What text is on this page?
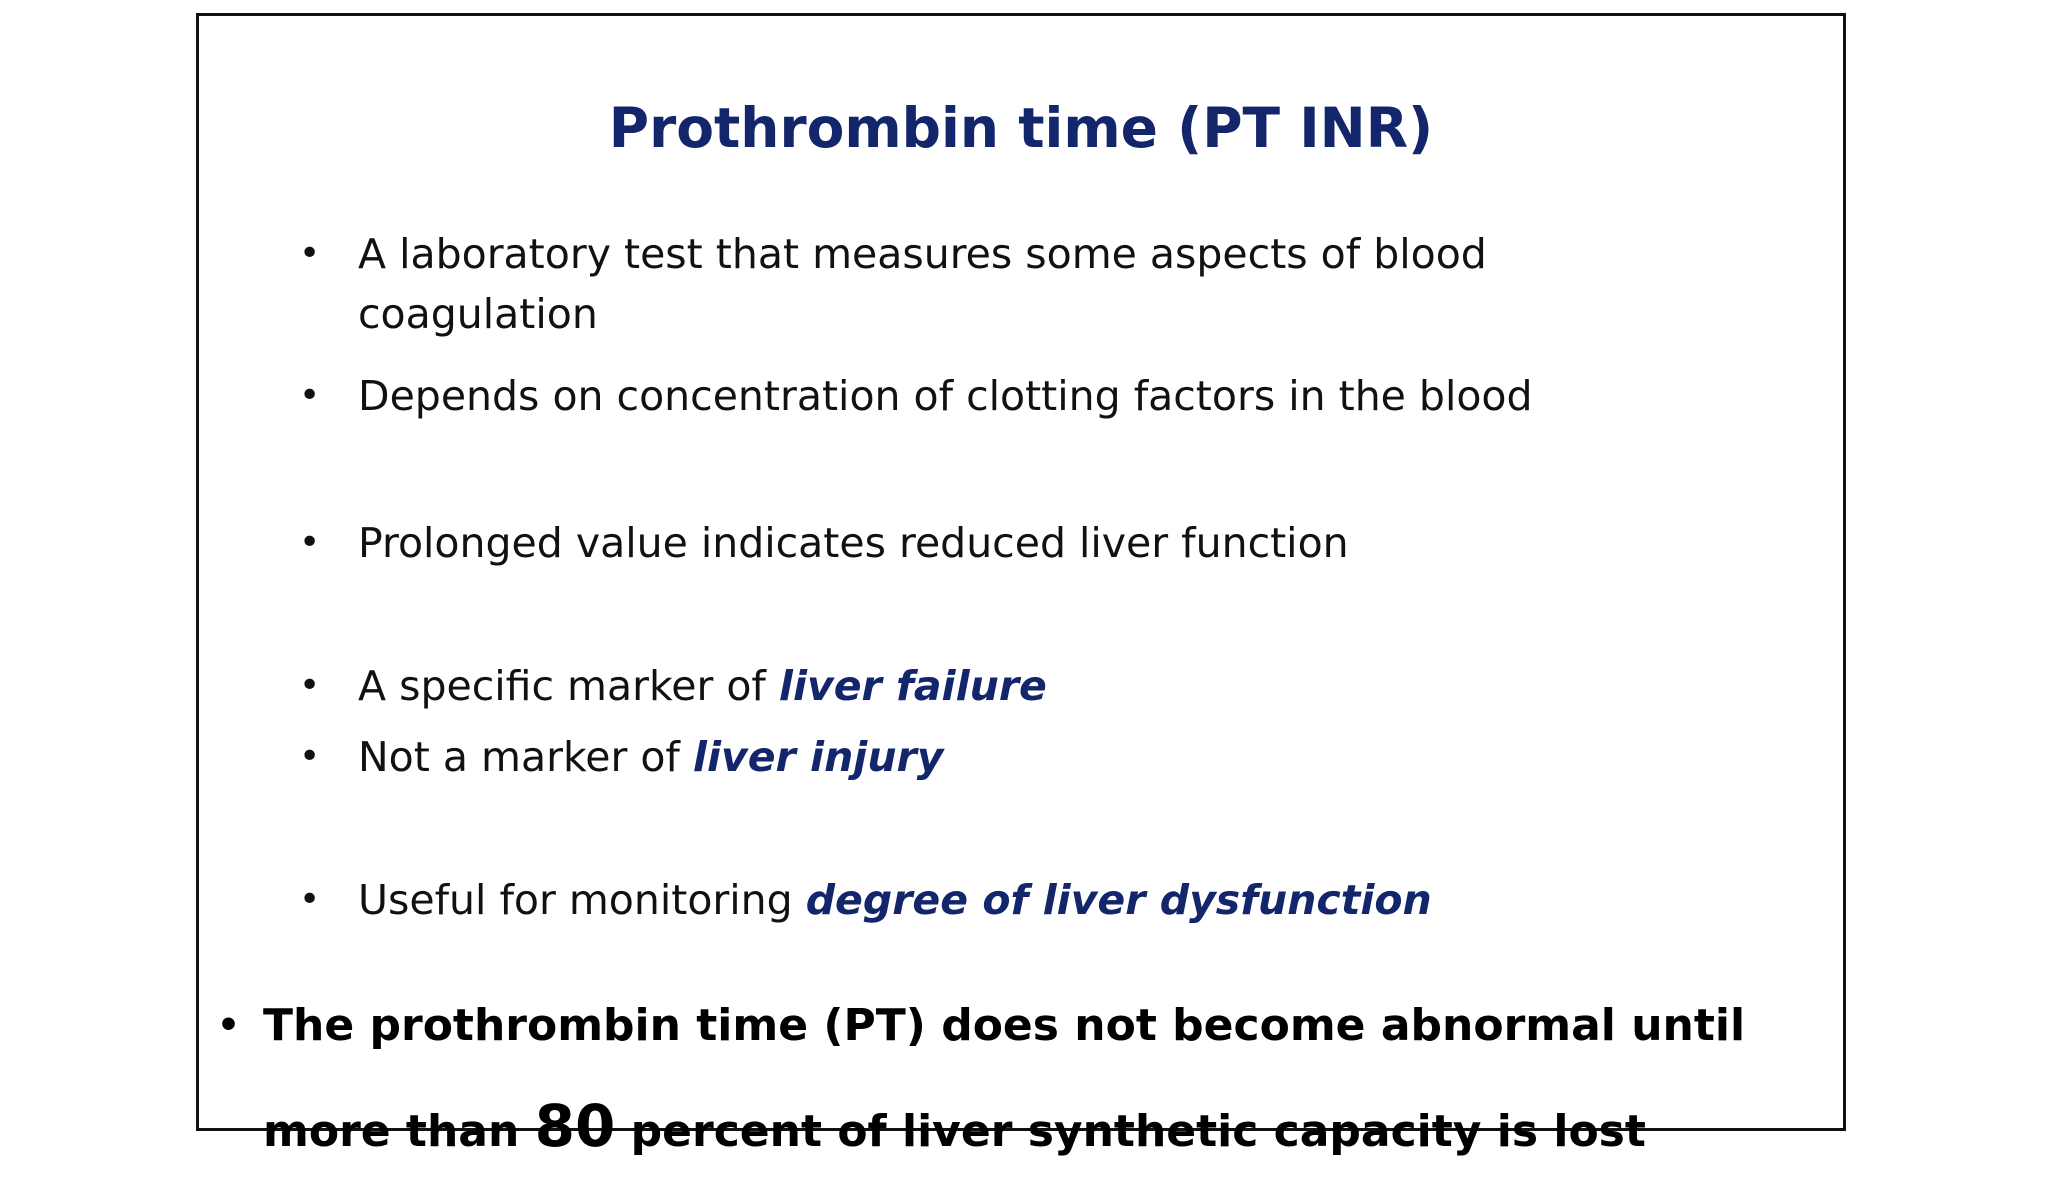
Prothrombin time (PT INR)
• A laboratory test that measures some aspects of blood coagulation
• Depends on concentration of clotting factors in the blood
• Prolonged value indicates reduced liver function
• A specific marker of liver failure
• Not a marker of liver injury
• Useful for monitoring degree of liver dysfunction
• The prothrombin time (PT) does not become abnormal until more than 80 percent of liver synthetic capacity is lost
